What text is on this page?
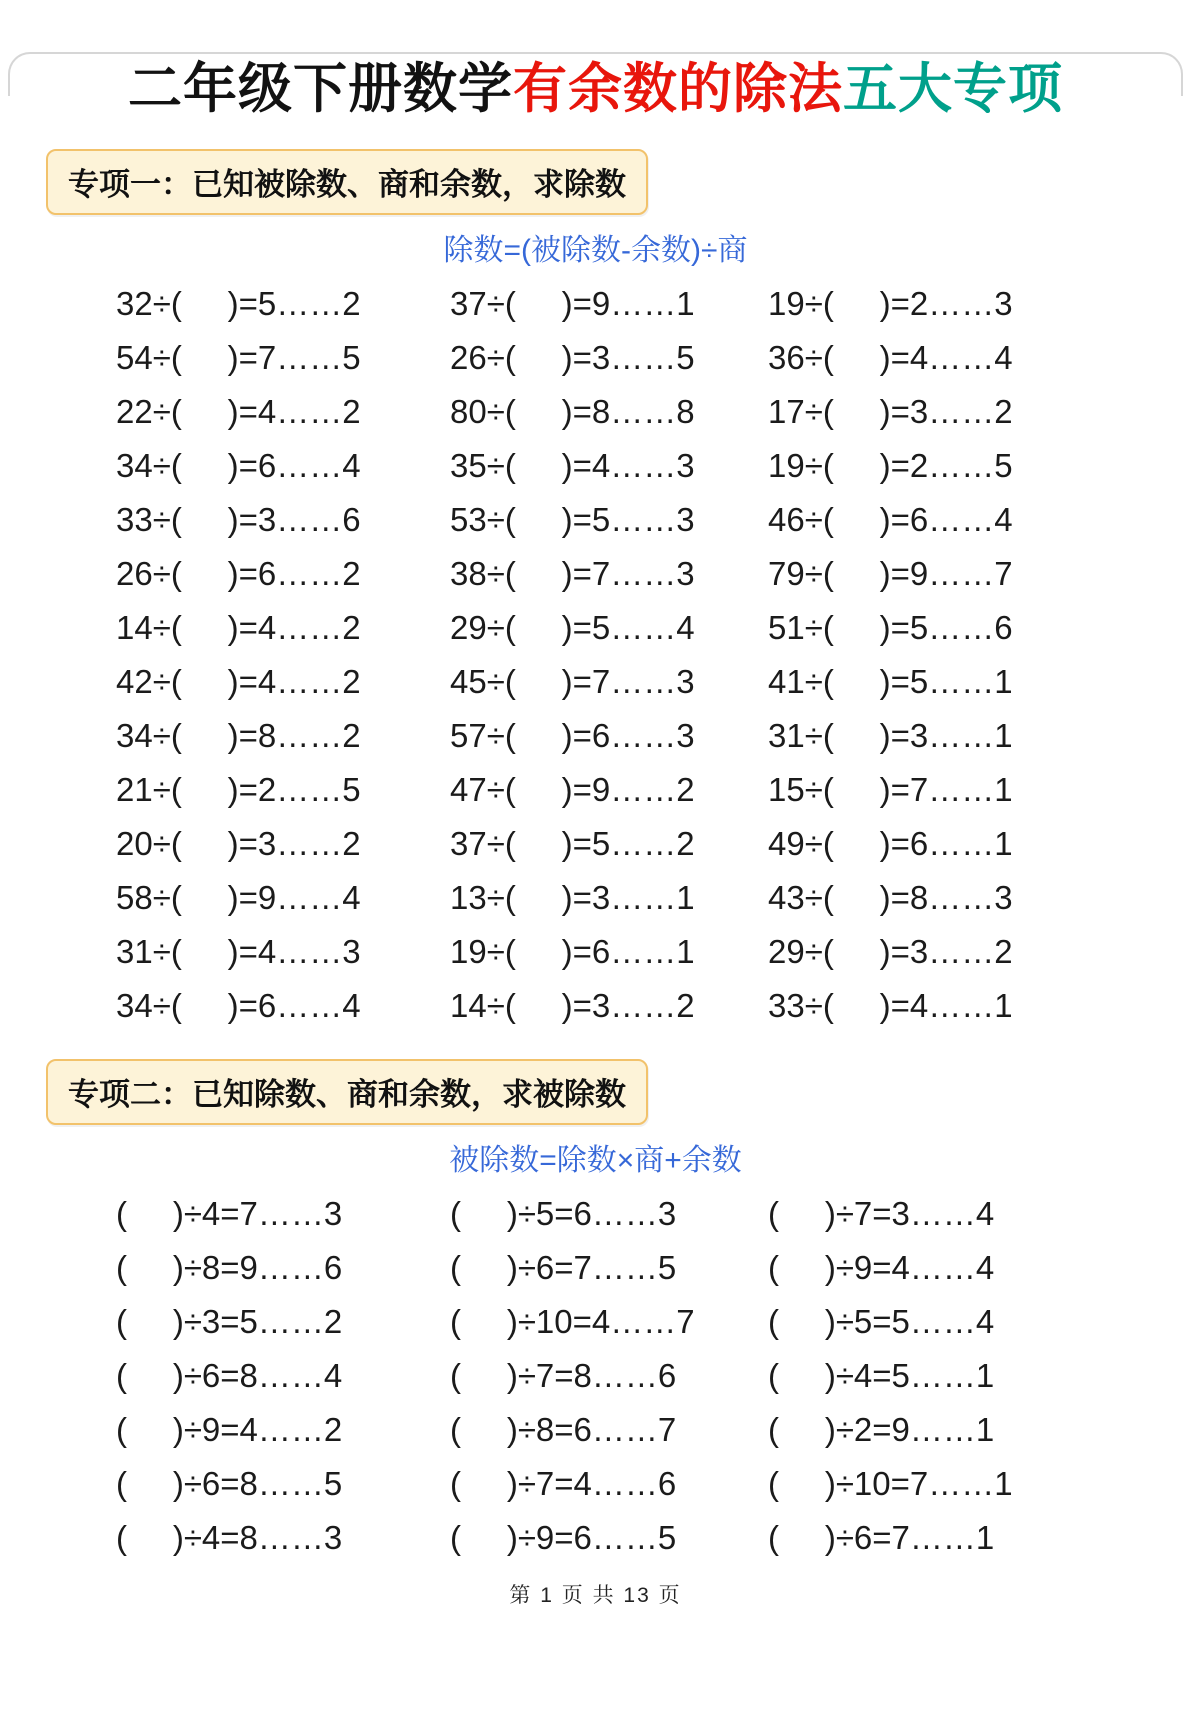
二年级下册数学有余数的除法五大专项
专项一：已知被除数、商和余数，求除数
除数=(被除数-余数)÷商
32÷(     )=5……2	37÷(     )=9……1	19÷(     )=2……3
54÷(     )=7……5	26÷(     )=3……5	36÷(     )=4……4
22÷(     )=4……2	80÷(     )=8……8	17÷(     )=3……2
34÷(     )=6……4	35÷(     )=4……3	19÷(     )=2……5
33÷(     )=3……6	53÷(     )=5……3	46÷(     )=6……4
26÷(     )=6……2	38÷(     )=7……3	79÷(     )=9……7
14÷(     )=4……2	29÷(     )=5……4	51÷(     )=5……6
42÷(     )=4……2	45÷(     )=7……3	41÷(     )=5……1
34÷(     )=8……2	57÷(     )=6……3	31÷(     )=3……1
21÷(     )=2……5	47÷(     )=9……2	15÷(     )=7……1
20÷(     )=3……2	37÷(     )=5……2	49÷(     )=6……1
58÷(     )=9……4	13÷(     )=3……1	43÷(     )=8……3
31÷(     )=4……3	19÷(     )=6……1	29÷(     )=3……2
34÷(     )=6……4	14÷(     )=3……2	33÷(     )=4……1
专项二：已知除数、商和余数，求被除数
被除数=除数×商+余数
(     )÷4=7……3	(     )÷5=6……3	(     )÷7=3……4
(     )÷8=9……6	(     )÷6=7……5	(     )÷9=4……4
(     )÷3=5……2	(     )÷10=4……7	(     )÷5=5……4
(     )÷6=8……4	(     )÷7=8……6	(     )÷4=5……1
(     )÷9=4……2	(     )÷8=6……7	(     )÷2=9……1
(     )÷6=8……5	(     )÷7=4……6	(     )÷10=7……1
(     )÷4=8……3	(     )÷9=6……5	(     )÷6=7……1
第 1 页 共 13 页
